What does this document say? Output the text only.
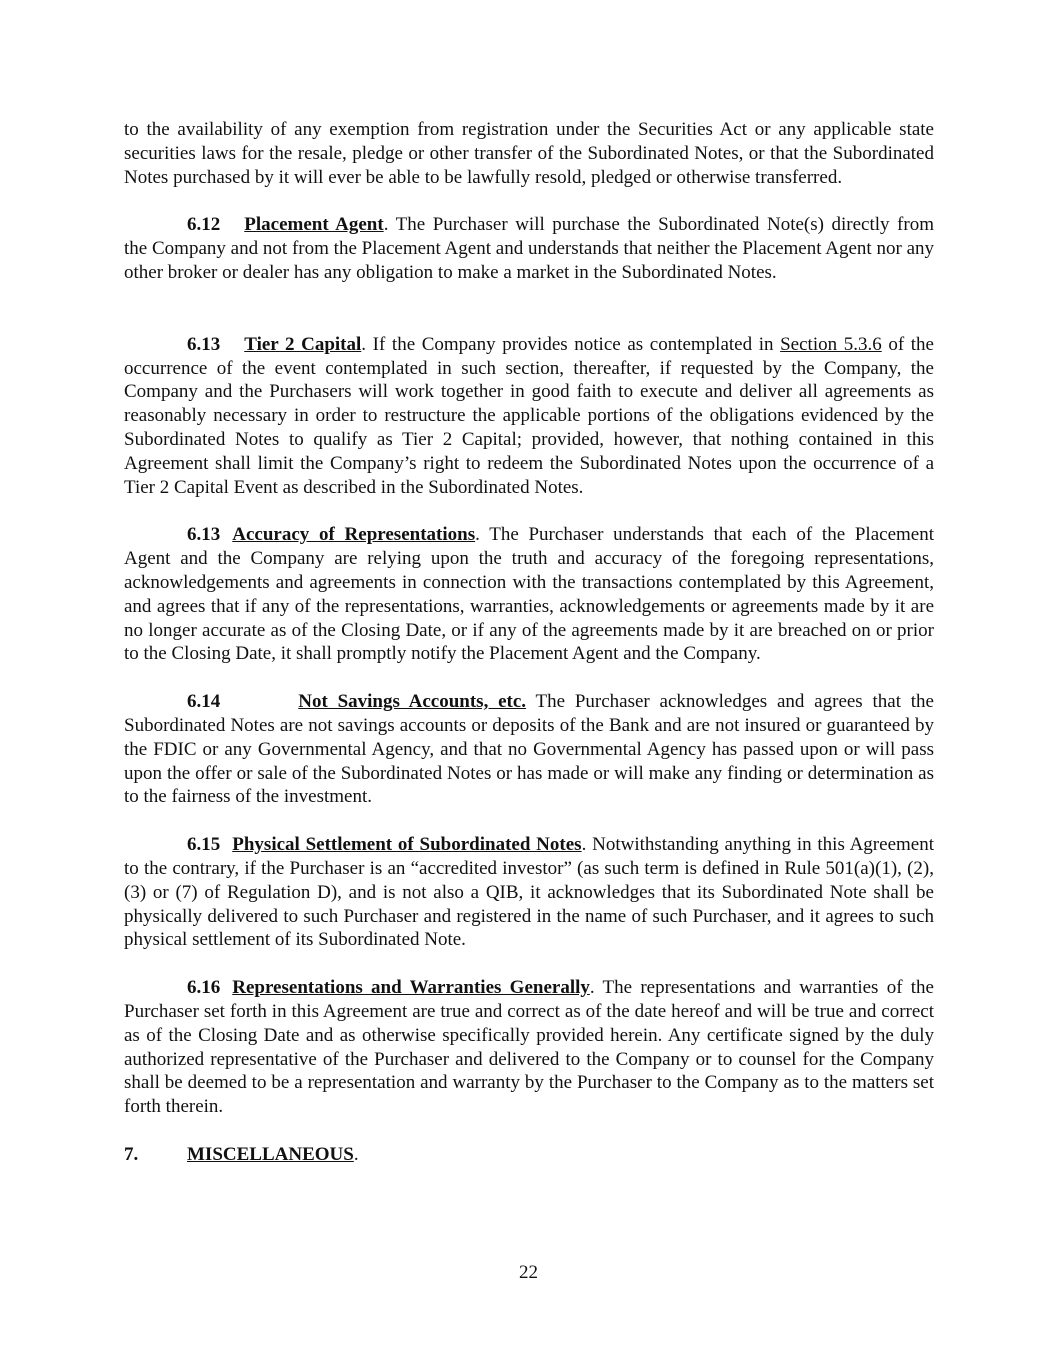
to the availability of any exemption from registration under the Securities Act or any applicable state securities laws for the resale, pledge or other transfer of the Subordinated Notes, or that the Subordinated Notes purchased by it will ever be able to be lawfully resold, pledged or otherwise transferred.

6.12 Placement Agent. The Purchaser will purchase the Subordinated Note(s) directly from the Company and not from the Placement Agent and understands that neither the Placement Agent nor any other broker or dealer has any obligation to make a market in the Subordinated Notes.

6.13 Tier 2 Capital. If the Company provides notice as contemplated in Section 5.3.6 of the occurrence of the event contemplated in such section, thereafter, if requested by the Company, the Company and the Purchasers will work together in good faith to execute and deliver all agreements as reasonably necessary in order to restructure the applicable portions of the obligations evidenced by the Subordinated Notes to qualify as Tier 2 Capital; provided, however, that nothing contained in this Agreement shall limit the Company’s right to redeem the Subordinated Notes upon the occurrence of a Tier 2 Capital Event as described in the Subordinated Notes.

6.13 Accuracy of Representations. The Purchaser understands that each of the Placement Agent and the Company are relying upon the truth and accuracy of the foregoing representations, acknowledgements and agreements in connection with the transactions contemplated by this Agreement, and agrees that if any of the representations, warranties, acknowledgements or agreements made by it are no longer accurate as of the Closing Date, or if any of the agreements made by it are breached on or prior to the Closing Date, it shall promptly notify the Placement Agent and the Company.

6.14	Not Savings Accounts, etc. The Purchaser acknowledges and agrees that the Subordinated Notes are not savings accounts or deposits of the Bank and are not insured or guaranteed by the FDIC or any Governmental Agency, and that no Governmental Agency has passed upon or will pass upon the offer or sale of the Subordinated Notes or has made or will make any finding or determination as to the fairness of the investment.

6.15 Physical Settlement of Subordinated Notes. Notwithstanding anything in this Agreement to the contrary, if the Purchaser is an “accredited investor” (as such term is defined in Rule 501(a)(1), (2), (3) or (7) of Regulation D), and is not also a QIB, it acknowledges that its Subordinated Note shall be physically delivered to such Purchaser and registered in the name of such Purchaser, and it agrees to such physical settlement of its Subordinated Note.

6.16 Representations and Warranties Generally. The representations and warranties of the Purchaser set forth in this Agreement are true and correct as of the date hereof and will be true and correct as of the Closing Date and as otherwise specifically provided herein. Any certificate signed by the duly authorized representative of the Purchaser and delivered to the Company or to counsel for the Company shall be deemed to be a representation and warranty by the Purchaser to the Company as to the matters set forth therein.

7.	MISCELLANEOUS.
22
